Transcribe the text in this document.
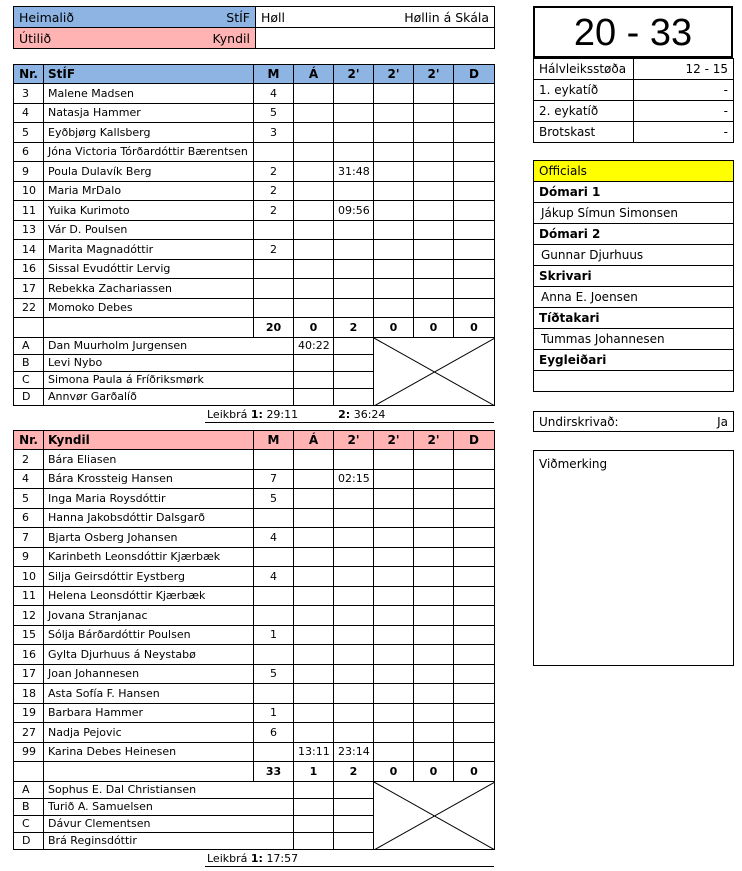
Heimalið StÍF	Høll Høllin á Skála

Útilið Kyndil	

Nr.	StÍF	M	Á	2'	2'	2'	D
3	Malene Madsen	4					
4	Natasja Hammer	5					
5	Eyðbjørg Kallsberg	3					
6	Jóna Victoria Tórðardóttir Bærentsen						
9	Poula Dulavík Berg	2		31:48			
10	Maria MrDalo	2					
11	Yuika Kurimoto	2		09:56			
13	Vár D. Poulsen						
14	Marita Magnadóttir	2					
16	Sissal Evudóttir Lervig						
17	Rebekka Zachariassen						
22	Momoko Debes						
		20	0	2	0	0	0
A	Dan Muurholm Jurgensen		40:22		

B	Levi Nybo						
C	Simona Paula á Fríðriksmørk						
D	Annvør Garðalíð						
Leikbrá 1: 29:11	2: 36:24
Nr.	Kyndil	M	Á	2'	2'	2'	D
2	Bára Eliasen						
4	Bára Krossteig Hansen	7		02:15			
5	Inga Maria Roysdóttir	5					
6	Hanna Jakobsdóttir Dalsgarð						
7	Bjarta Osberg Johansen	4					
9	Karinbeth Leonsdóttir Kjærbæk						
10	Silja Geirsdóttir Eystberg	4					
11	Helena Leonsdóttir Kjærbæk						
12	Jovana Stranjanac						
15	Sólja Bárðardóttir Poulsen	1					
16	Gylta Djurhuus á Neystabø						
17	Joan Johannesen	5					
18	Asta Sofía F. Hansen						
19	Barbara Hammer	1					
27	Nadja Pejovic	6					
99	Karina Debes Heinesen		13:11	23:14			
		33	1	2	0	0	0
A	Sophus E. Dal Christiansen			

B	Turið A. Samuelsen						
C	Dávur Clementsen						
D	Brá Reginsdóttir						
Leikbrá 1: 17:57
20 - 33
Hálvleiksstøða	12 - 15
1. eykatíð	-
2. eykatíð	-
Brotskast	-
Officials
Dómari 1
Jákup Símun Simonsen
Dómari 2
Gunnar Djurhuus
Skrivari
Anna E. Joensen
Tíðtakari
Tummas Johannesen
Eygleiðari

Undirskrivað:	Ja
Viðmerking
